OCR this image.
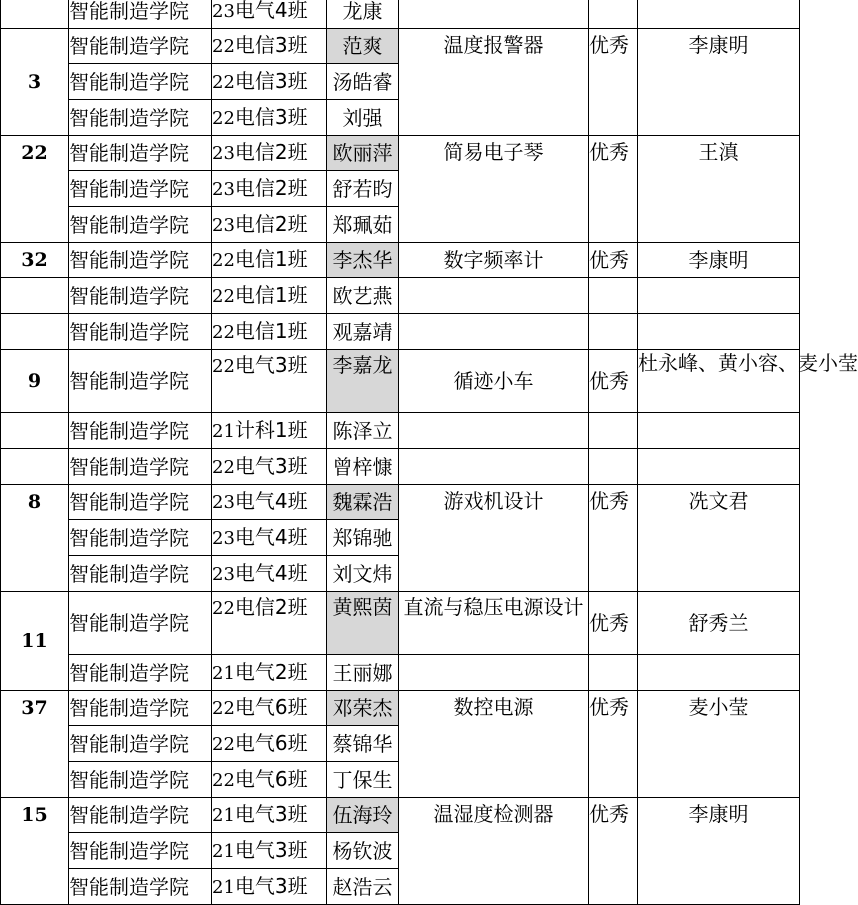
	智能制造学院	23电气4班	龙康			
3	智能制造学院	22电信3班	范爽	温度报警器	优秀	李康明

	智能制造学院	22电信3班	汤皓睿			
	智能制造学院	22电信3班	刘强			

22	智能制造学院	23电信2班	欧丽萍	简易电子琴	优秀	王滇

	智能制造学院	23电信2班	舒若昀			
	智能制造学院	23电信2班	郑珮茹			
32	智能制造学院	22电信1班	李杰华	数字频率计	优秀	李康明
	智能制造学院	22电信1班	欧艺燕			
	智能制造学院	22电信1班	观嘉靖			
9	智能制造学院	22电气3班	李嘉龙	循迹小车	优秀	杜永峰、黄小容、麦小莹
	智能制造学院	21计科1班	陈泽立			
	智能制造学院	22电气3班	曾梓慷			

8	智能制造学院	23电气4班	魏霖浩	游戏机设计	优秀	冼文君

	智能制造学院	23电气4班	郑锦驰			
	智能制造学院	23电气4班	刘文炜			
11	智能制造学院	22电信2班	黄熙茵	直流与稳压电源设计	优秀	舒秀兰
	智能制造学院	21电气2班	王丽娜			

37	智能制造学院	22电气6班	邓荣杰	数控电源	优秀	麦小莹

	智能制造学院	22电气6班	蔡锦华			
	智能制造学院	22电气6班	丁保生			

15	智能制造学院	21电气3班	伍海玲	温湿度检测器	优秀	李康明

	智能制造学院	21电气3班	杨钦波			
	智能制造学院	21电气3班	赵浩云			
